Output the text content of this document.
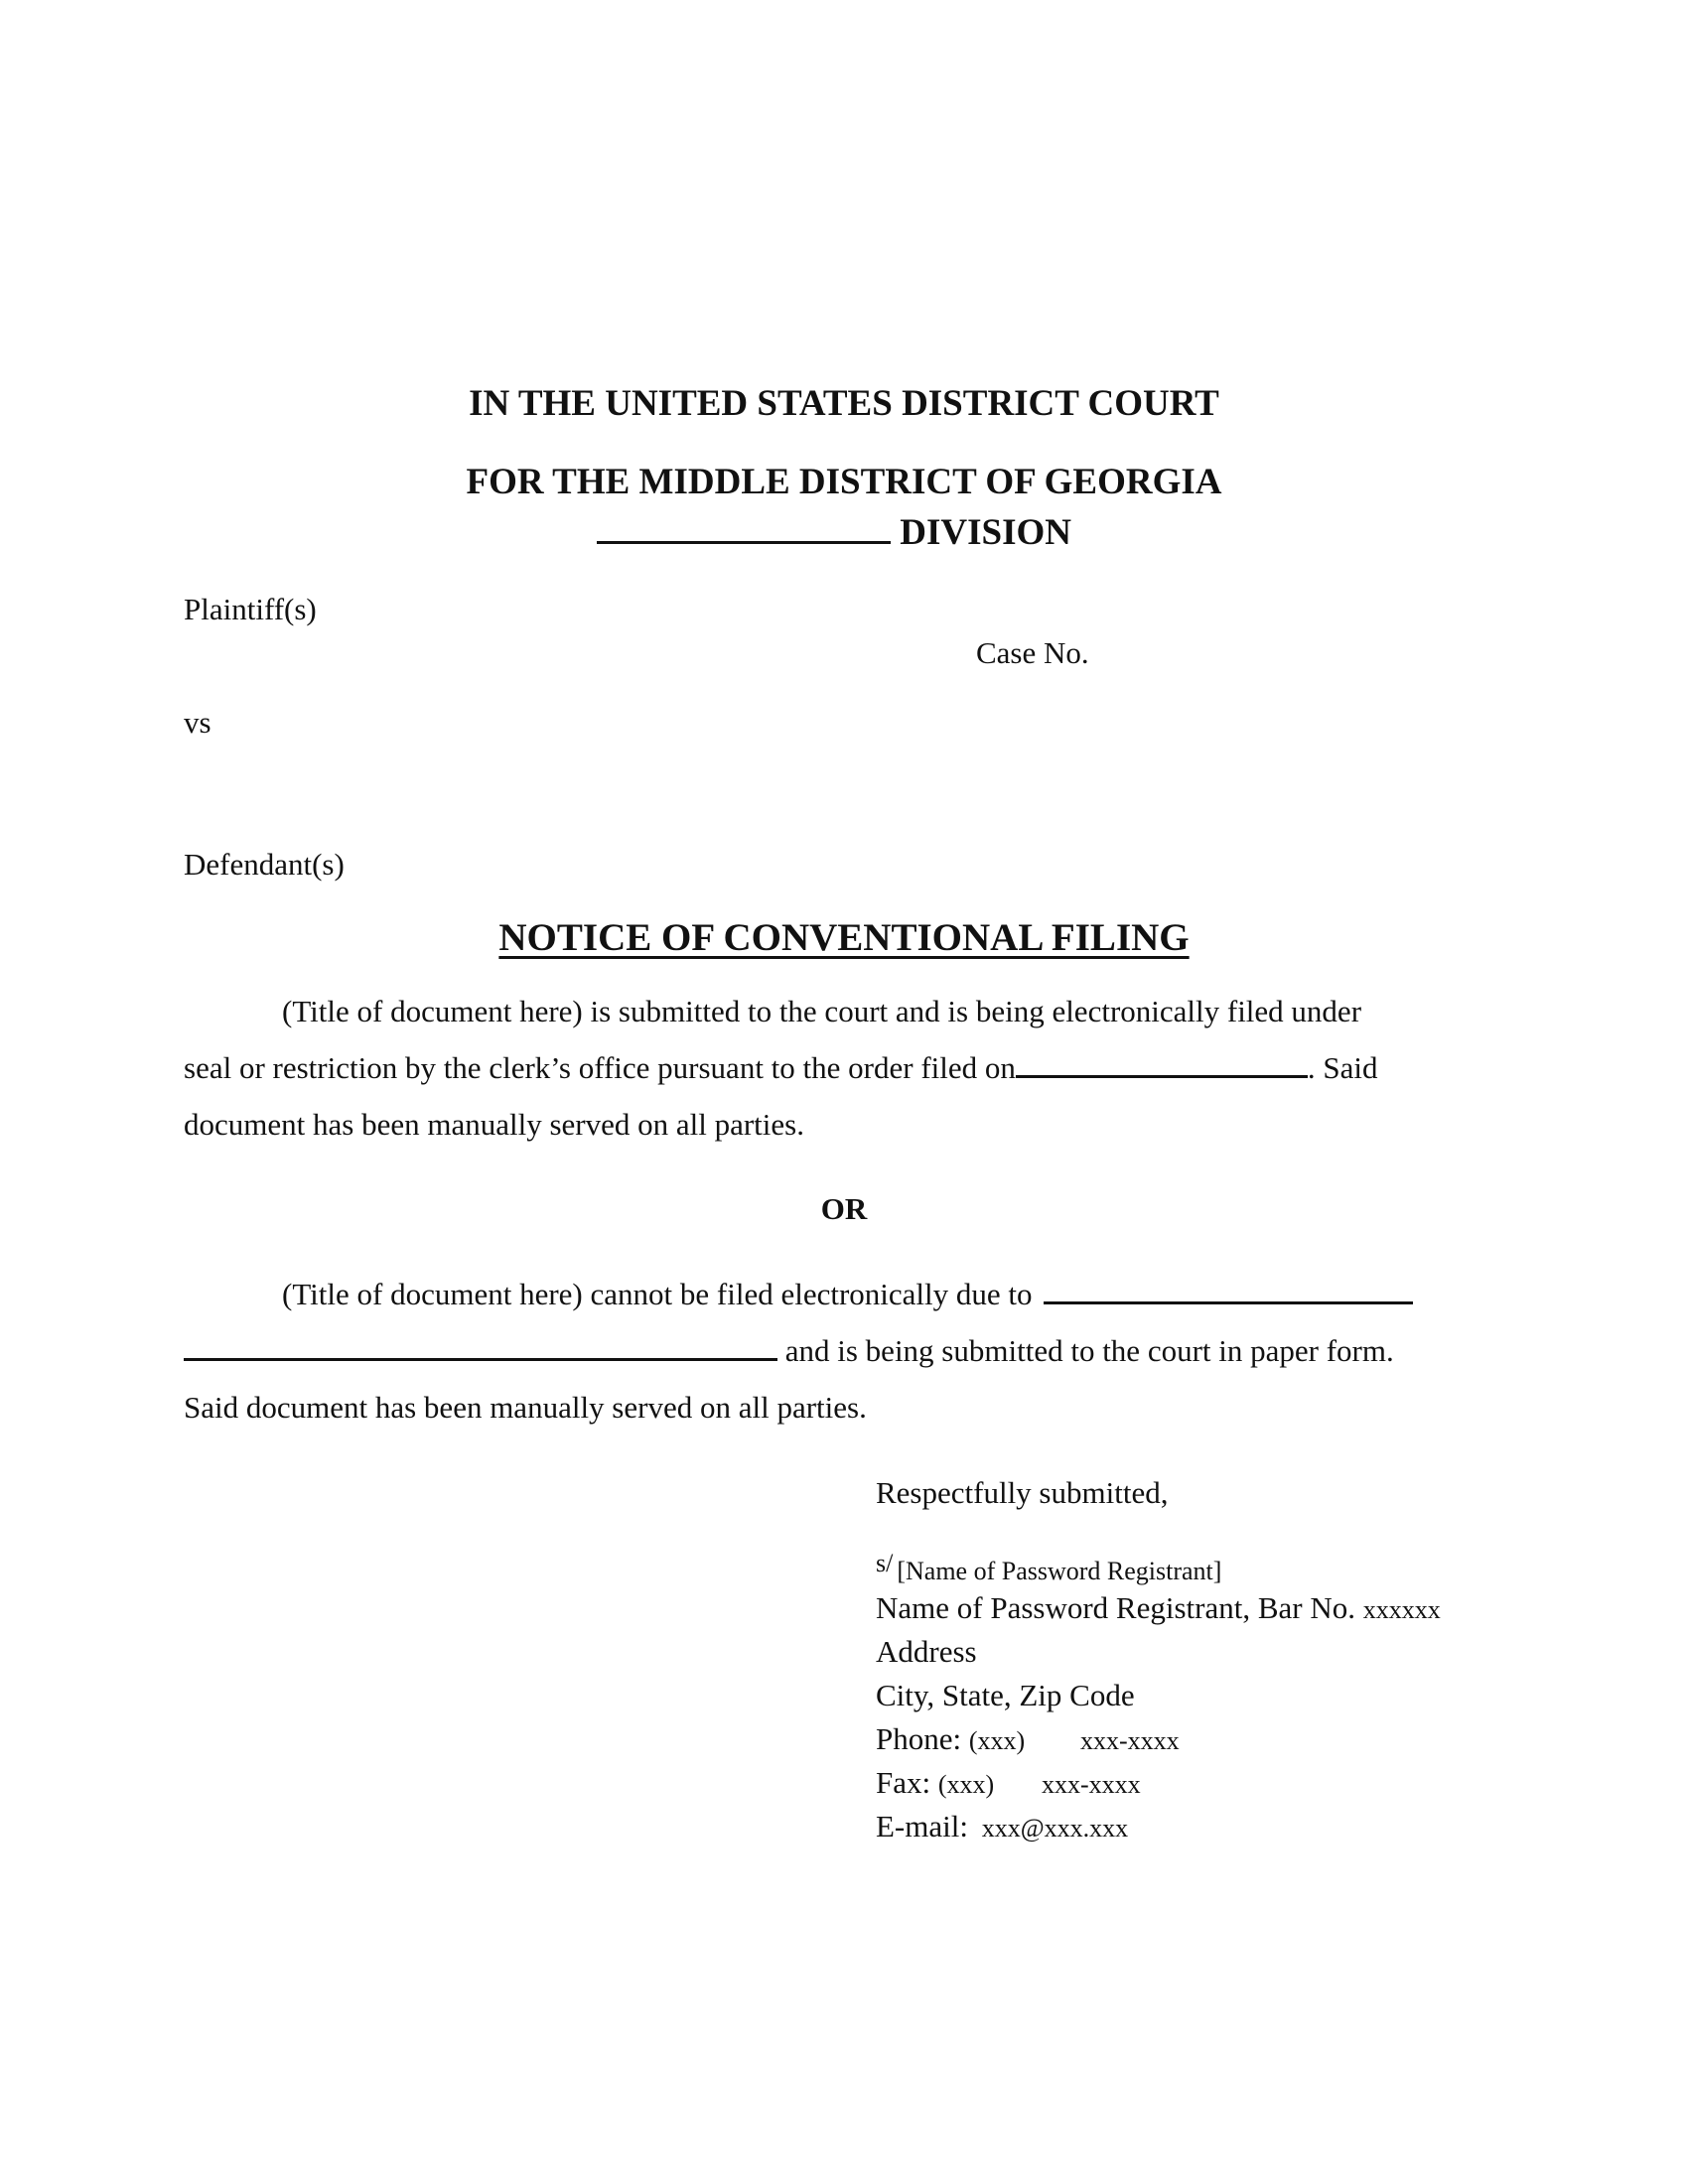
IN THE UNITED STATES DISTRICT COURT
FOR THE MIDDLE DISTRICT OF GEORGIA
DIVISION
Plaintiff(s)
Case No.
vs
Defendant(s)
NOTICE OF CONVENTIONAL FILING
(Title of document here) is submitted to the court and is being electronically filed under
seal or restriction by the clerk’s office pursuant to the order filed on	. Said
document has been manually served on all parties.
OR
(Title of document here) cannot be filed electronically due to
and is being submitted to the court in paper form.
Said document has been manually served on all parties.
Respectfully submitted,
s/ [Name of Password Registrant]
Name of Password Registrant, Bar No. xxxxxx
Address
City, State, Zip Code
Phone: (xxx) xxx-xxxx
Fax: (xxx) xxx-xxxx
E-mail: xxx@xxx.xxx
